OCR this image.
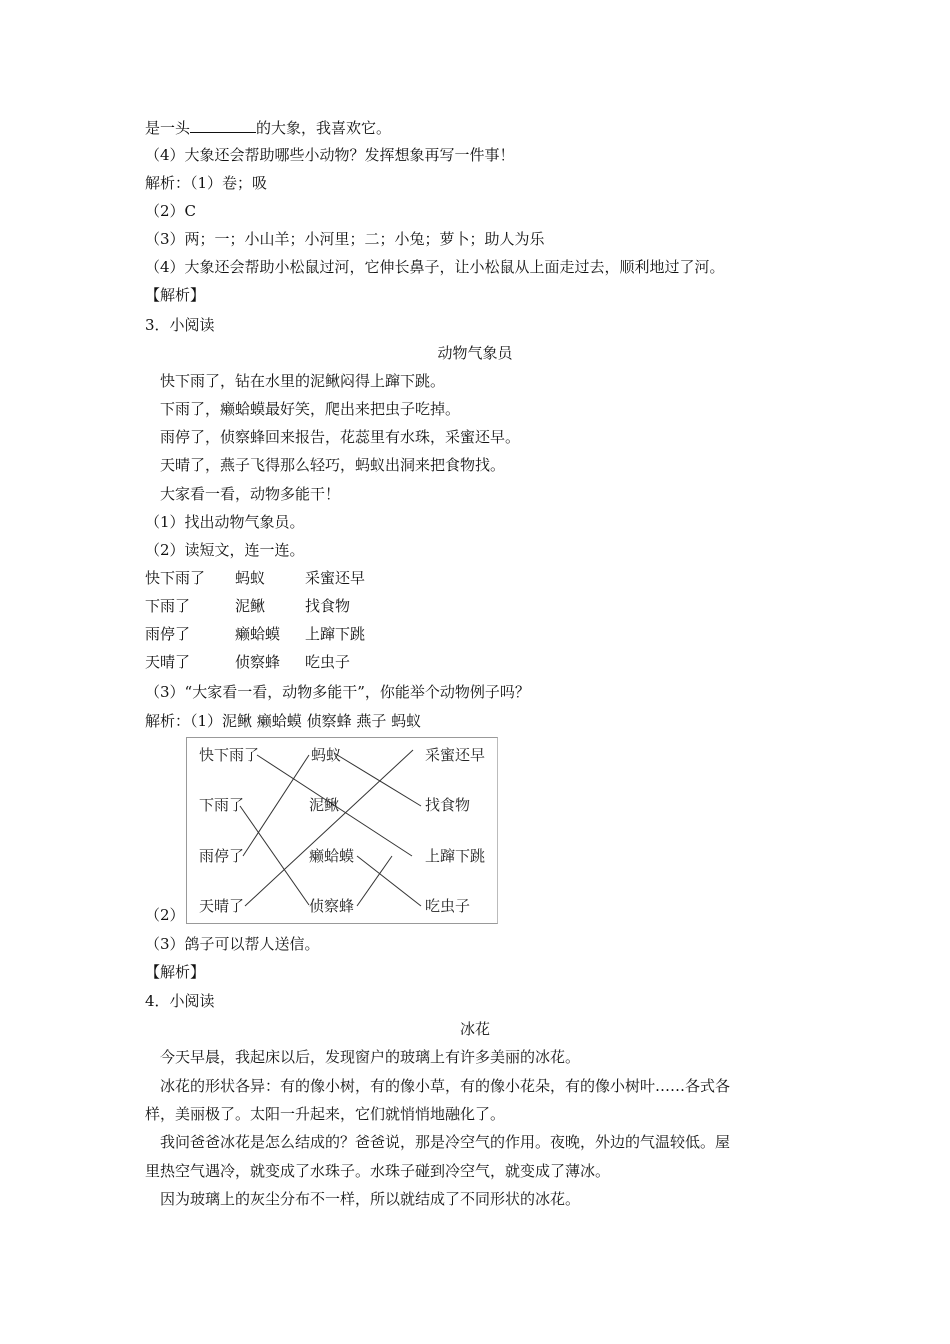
是一头	的大象，我喜欢它。

（4）大象还会帮助哪些小动物？发挥想象再写一件事！

解析：（1）卷；吸

（2）C

（3）两；一；小山羊；小河里；二；小兔；萝卜；助人为乐

（4）大象还会帮助小松鼠过河，它伸长鼻子，让小松鼠从上面走过去，顺利地过了河。

【解析】

3．小阅读

动物气象员

快下雨了，钻在水里的泥鳅闷得上蹿下跳。

下雨了，癞蛤蟆最好笑，爬出来把虫子吃掉。

雨停了，侦察蜂回来报告，花蕊里有水珠，采蜜还早。

天晴了，燕子飞得那么轻巧，蚂蚁出洞来把食物找。

大家看一看，动物多能干！

（1）找出动物气象员。

（2）读短文，连一连。

快下雨了 蚂蚁	采蜜还早

下雨了	泥鳅	找食物

雨停了	癞蛤蟆 上蹿下跳

天晴了	侦察蜂 吃虫子

（3）“大家看一看，动物多能干”，你能举个动物例子吗？

解析：（1）泥鳅 癞蛤蟆 侦察蜂 燕子 蚂蚁

快下雨了
下雨了
雨停了
天晴了
蚂蚁
泥鳅
癞蛤蟆
侦察蜂
采蜜还早
找食物
上蹿下跳
吃虫子

（2）

（3）鸽子可以帮人送信。

【解析】

4．小阅读

冰花

今天早晨，我起床以后，发现窗户的玻璃上有许多美丽的冰花。

冰花的形状各异：有的像小树，有的像小草，有的像小花朵，有的像小树叶……各式各

样，美丽极了。太阳一升起来，它们就悄悄地融化了。

我问爸爸冰花是怎么结成的？爸爸说，那是冷空气的作用。夜晚，外边的气温较低。屋

里热空气遇冷，就变成了水珠子。水珠子碰到冷空气，就变成了薄冰。

因为玻璃上的灰尘分布不一样，所以就结成了不同形状的冰花。
